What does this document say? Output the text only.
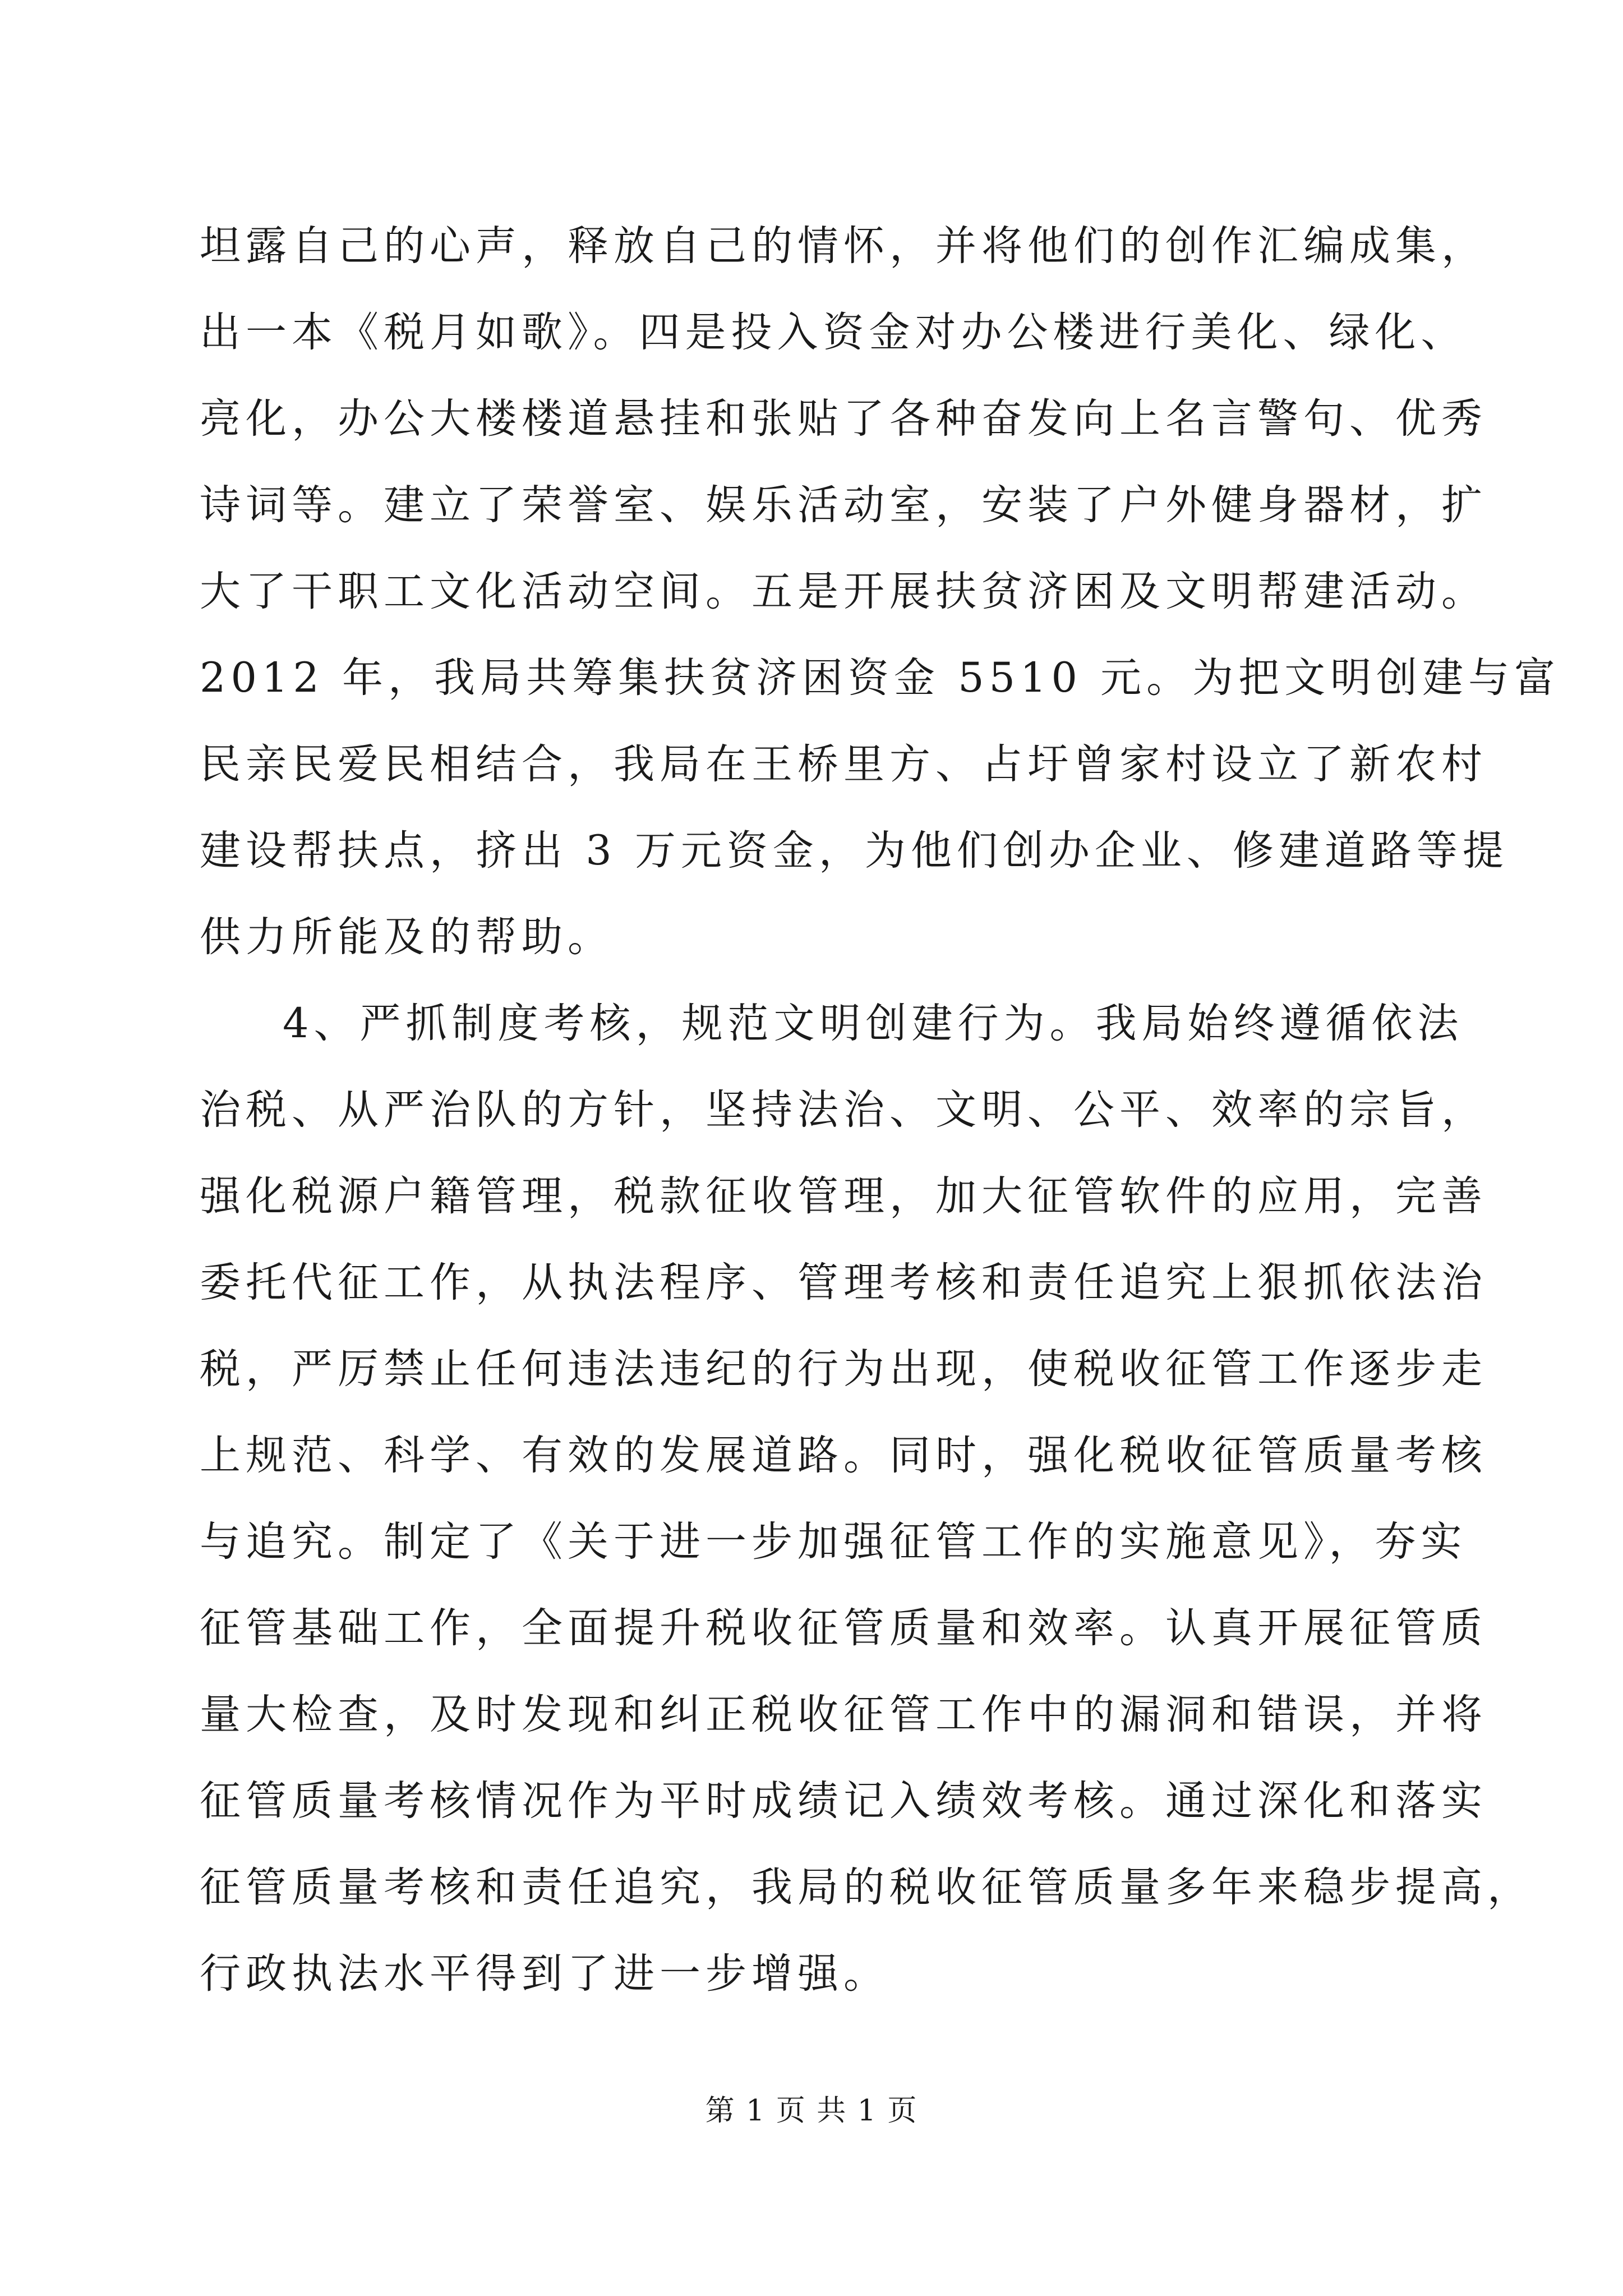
坦露自己的心声，释放自己的情怀，并将他们的创作汇编成集，
出一本《税月如歌》。四是投入资金对办公楼进行美化、绿化、
亮化，办公大楼楼道悬挂和张贴了各种奋发向上名言警句、优秀
诗词等。建立了荣誉室、娱乐活动室，安装了户外健身器材，扩
大了干职工文化活动空间。五是开展扶贫济困及文明帮建活动。
2012 年，我局共筹集扶贫济困资金 5510 元。为把文明创建与富
民亲民爱民相结合，我局在王桥里方、占圩曾家村设立了新农村
建设帮扶点，挤出 3 万元资金，为他们创办企业、修建道路等提
供力所能及的帮助。
4、严抓制度考核，规范文明创建行为。我局始终遵循依法
治税、从严治队的方针，坚持法治、文明、公平、效率的宗旨，
强化税源户籍管理，税款征收管理，加大征管软件的应用，完善
委托代征工作，从执法程序、管理考核和责任追究上狠抓依法治
税，严厉禁止任何违法违纪的行为出现，使税收征管工作逐步走
上规范、科学、有效的发展道路。同时，强化税收征管质量考核
与追究。制定了《关于进一步加强征管工作的实施意见》，夯实
征管基础工作，全面提升税收征管质量和效率。认真开展征管质
量大检查，及时发现和纠正税收征管工作中的漏洞和错误，并将
征管质量考核情况作为平时成绩记入绩效考核。通过深化和落实
征管质量考核和责任追究，我局的税收征管质量多年来稳步提高，
行政执法水平得到了进一步增强。
第 1 页 共 1 页
